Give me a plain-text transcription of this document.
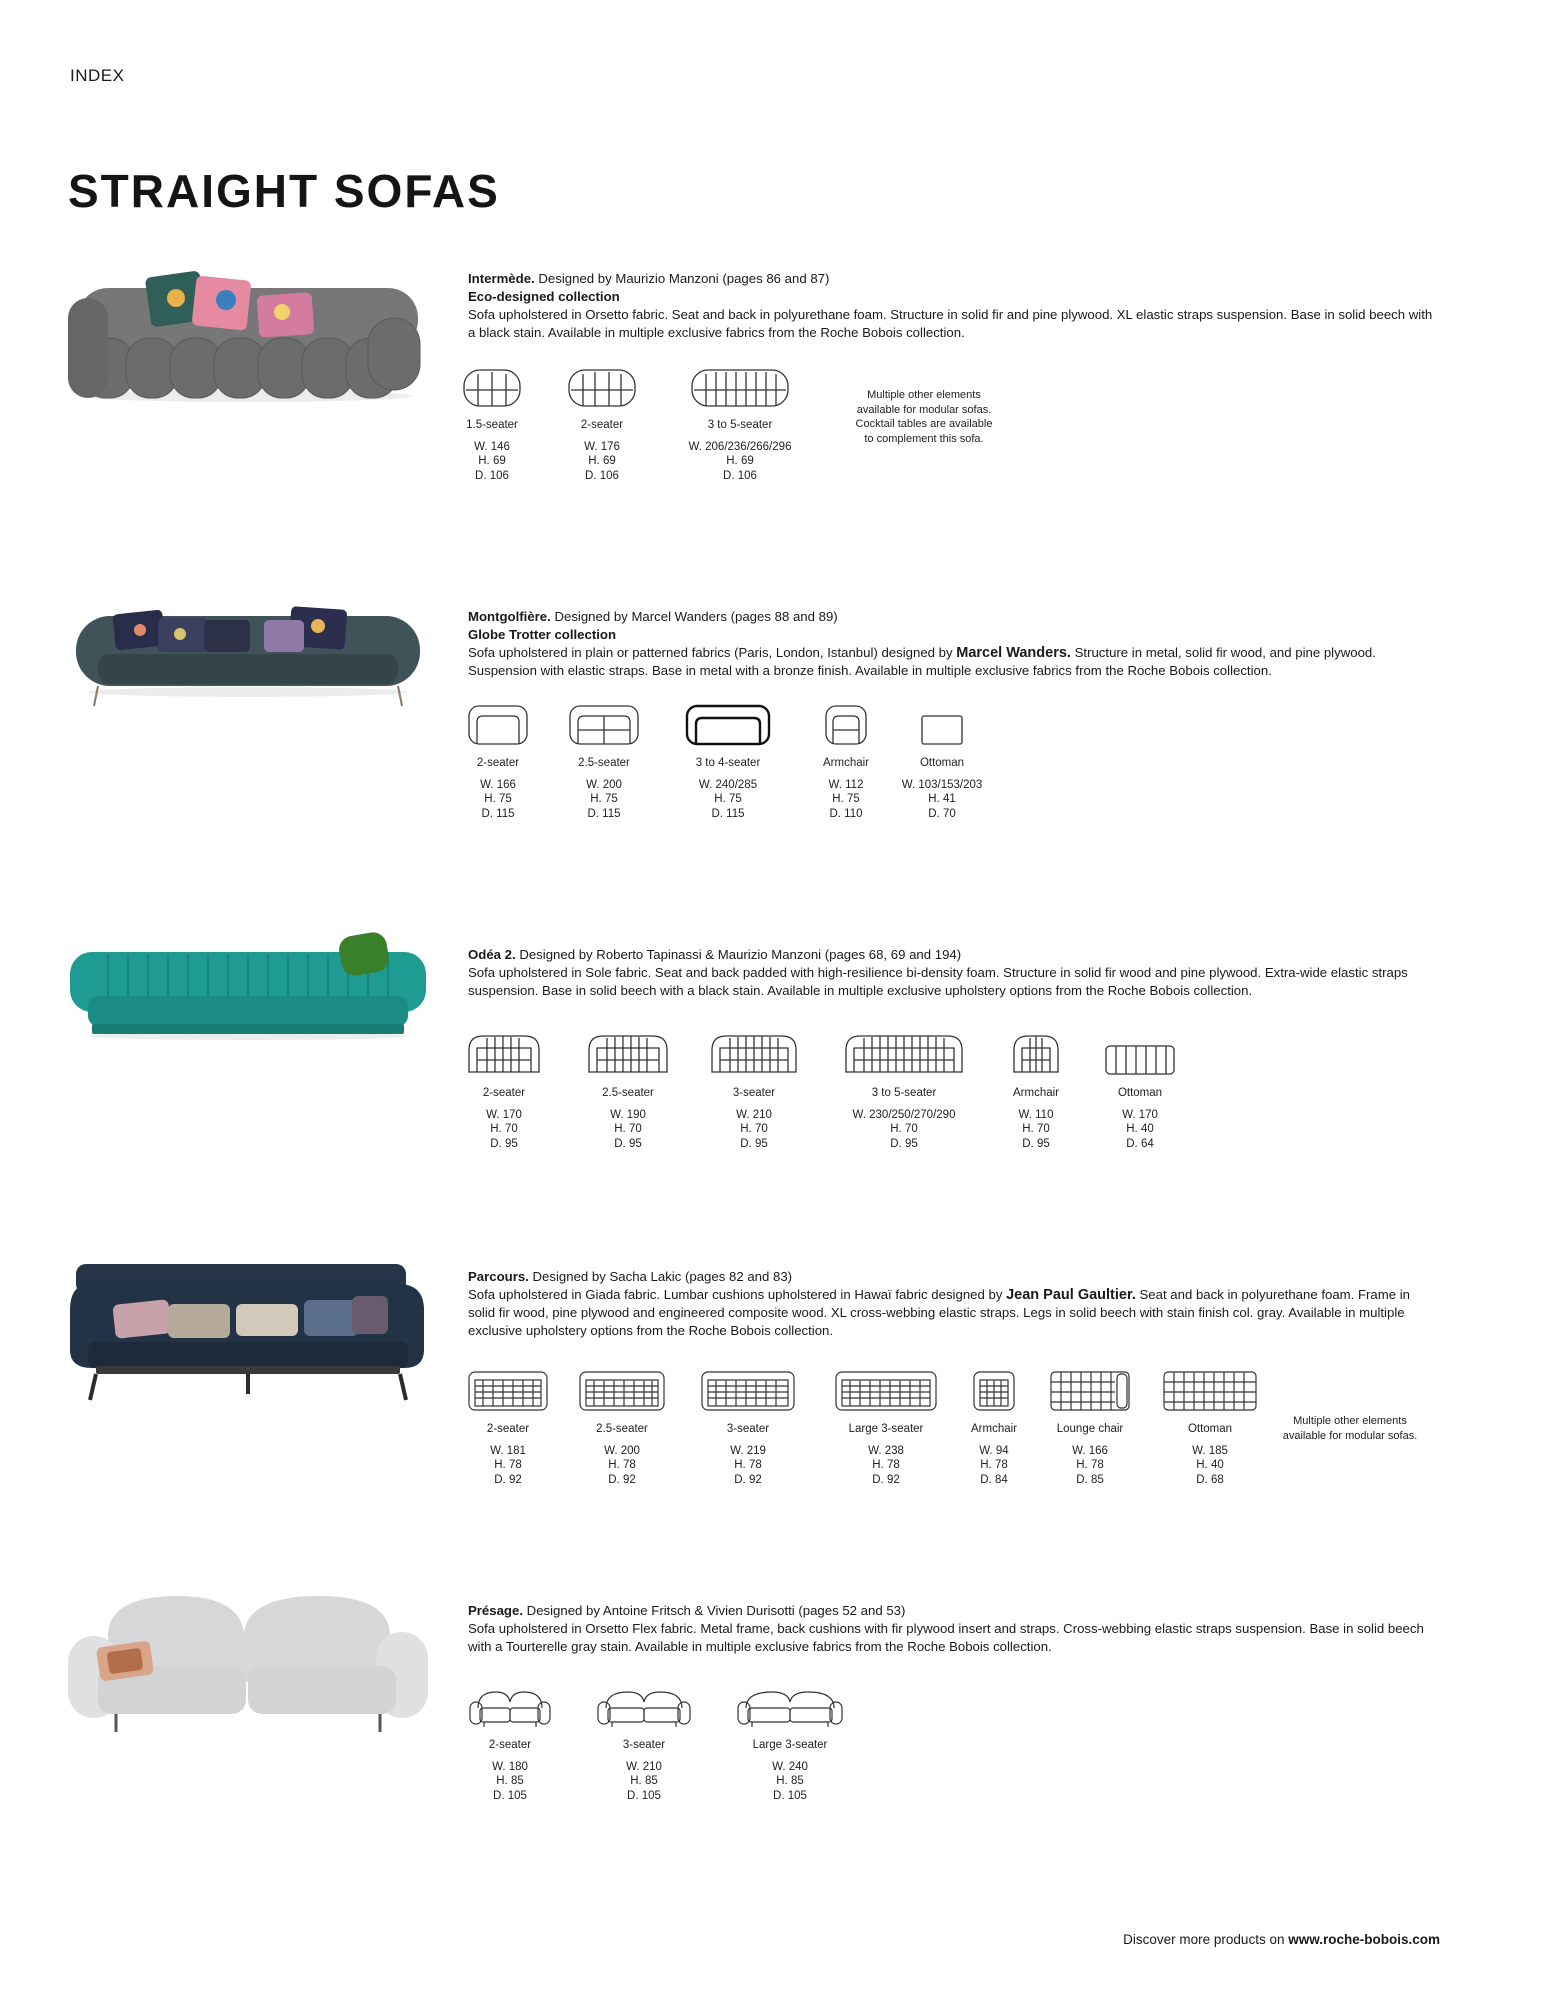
INDEX
STRAIGHT SOFAS
Intermède. Designed by Maurizio Manzoni (pages 86 and 87)
Eco-designed collection
Sofa upholstered in Orsetto fabric. Seat and back in polyurethane foam. Structure in solid fir and pine plywood. XL elastic straps suspension. Base in solid beech with a black stain. Available in multiple exclusive fabrics from the Roche Bobois collection.
1.5-seater
W. 146
H. 69
D. 106
2-seater
W. 176
H. 69
D. 106
3 to 5-seater
W. 206/236/266/296
H. 69
D. 106
Multiple other elements available for modular sofas. Cocktail tables are available to complement this sofa.
Montgolfière. Designed by Marcel Wanders (pages 88 and 89)
Globe Trotter collection
Sofa upholstered in plain or patterned fabrics (Paris, London, Istanbul) designed by Marcel Wanders. Structure in metal, solid fir wood, and pine plywood. Suspension with elastic straps. Base in metal with a bronze finish. Available in multiple exclusive fabrics from the Roche Bobois collection.
2-seater
W. 166
H. 75
D. 115
2.5-seater
W. 200
H. 75
D. 115
3 to 4-seater
W. 240/285
H. 75
D. 115
Armchair
W. 112
H. 75
D. 110
Ottoman
W. 103/153/203
H. 41
D. 70
Odéa 2. Designed by Roberto Tapinassi & Maurizio Manzoni (pages 68, 69 and 194)
Sofa upholstered in Sole fabric. Seat and back padded with high-resilience bi-density foam. Structure in solid fir wood and pine plywood. Extra-wide elastic straps suspension. Base in solid beech with a black stain. Available in multiple exclusive upholstery options from the Roche Bobois collection.
2-seater
W. 170
H. 70
D. 95
2.5-seater
W. 190
H. 70
D. 95
3-seater
W. 210
H. 70
D. 95
3 to 5-seater
W. 230/250/270/290
H. 70
D. 95
Armchair
W. 110
H. 70
D. 95
Ottoman
W. 170
H. 40
D. 64
Parcours. Designed by Sacha Lakic (pages 82 and 83)
Sofa upholstered in Giada fabric. Lumbar cushions upholstered in Hawaï fabric designed by Jean Paul Gaultier. Seat and back in polyurethane foam. Frame in solid fir wood, pine plywood and engineered composite wood. XL cross-webbing elastic straps. Legs in solid beech with stain finish col. gray. Available in multiple exclusive upholstery options from the Roche Bobois collection.
2-seater
W. 181
H. 78
D. 92
2.5-seater
W. 200
H. 78
D. 92
3-seater
W. 219
H. 78
D. 92
Large 3-seater
W. 238
H. 78
D. 92
Armchair
W. 94
H. 78
D. 84
Lounge chair
W. 166
H. 78
D. 85
Ottoman
W. 185
H. 40
D. 68
Multiple other elements available for modular sofas.
Présage. Designed by Antoine Fritsch & Vivien Durisotti (pages 52 and 53)
Sofa upholstered in Orsetto Flex fabric. Metal frame, back cushions with fir plywood insert and straps. Cross-webbing elastic straps suspension. Base in solid beech with a Tourterelle gray stain. Available in multiple exclusive fabrics from the Roche Bobois collection.
2-seater
W. 180
H. 85
D. 105
3-seater
W. 210
H. 85
D. 105
Large 3-seater
W. 240
H. 85
D. 105
Discover more products on www.roche-bobois.com
